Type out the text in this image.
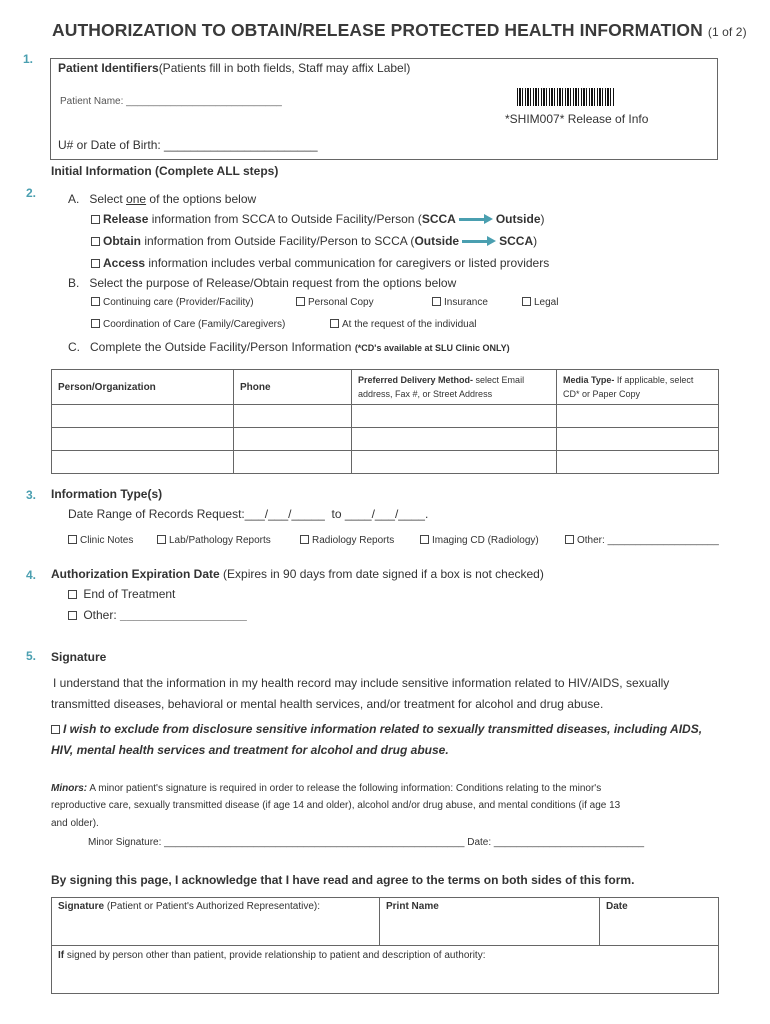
AUTHORIZATION TO OBTAIN/RELEASE PROTECTED HEALTH INFORMATION (1 of 2)
1.
Patient Identifiers(Patients fill in both fields, Staff may affix Label)
Patient Name: ____________________________
*SHIM007* Release of Info
U# or Date of Birth: _______________________
Initial Information (Complete ALL steps)
2.	A. Select one of the options below
Release information from SCCA to Outside Facility/Person (SCCA	Outside)
Obtain information from Outside Facility/Person to SCCA (Outside	SCCA)
Access information includes verbal communication for caregivers or listed providers
B. Select the purpose of Release/Obtain request from the options below
Continuing care (Provider/Facility)	Personal Copy	Insurance	Legal
Coordination of Care (Family/Caregivers)	At the request of the individual
C. Complete the Outside Facility/Person Information (*CD's available at SLU Clinic ONLY)
Person/Organization	Phone	Preferred Delivery Method- select Email address, Fax #, or Street Address	Media Type- If applicable, select CD* or Paper Copy

3. Information Type(s)
Date Range of Records Request:___/___/_____ to ____/___/____.
Clinic Notes	Lab/Pathology Reports	Radiology Reports	Imaging CD (Radiology)	Other: ____________________
4. Authorization Expiration Date (Expires in 90 days from date signed if a box is not checked)
End of Treatment
Other: ___________________
5. Signature
I understand that the information in my health record may include sensitive information related to HIV/AIDS, sexually
transmitted diseases, behavioral or mental health services, and/or treatment for alcohol and drug abuse.
I wish to exclude from disclosure sensitive information related to sexually transmitted diseases, including AIDS,
HIV, mental health services and treatment for alcohol and drug abuse.
Minors: A minor patient's signature is required in order to release the following information: Conditions relating to the minor's
reproductive care, sexually transmitted disease (if age 14 and older), alcohol and/or drug abuse, and mental conditions (if age 13
and older).
Minor Signature: ______________________________________________________ Date: ___________________________
By signing this page, I acknowledge that I have read and agree to the terms on both sides of this form.
Signature (Patient or Patient's Authorized Representative):	Print Name	Date
If signed by person other than patient, provide relationship to patient and description of authority:
